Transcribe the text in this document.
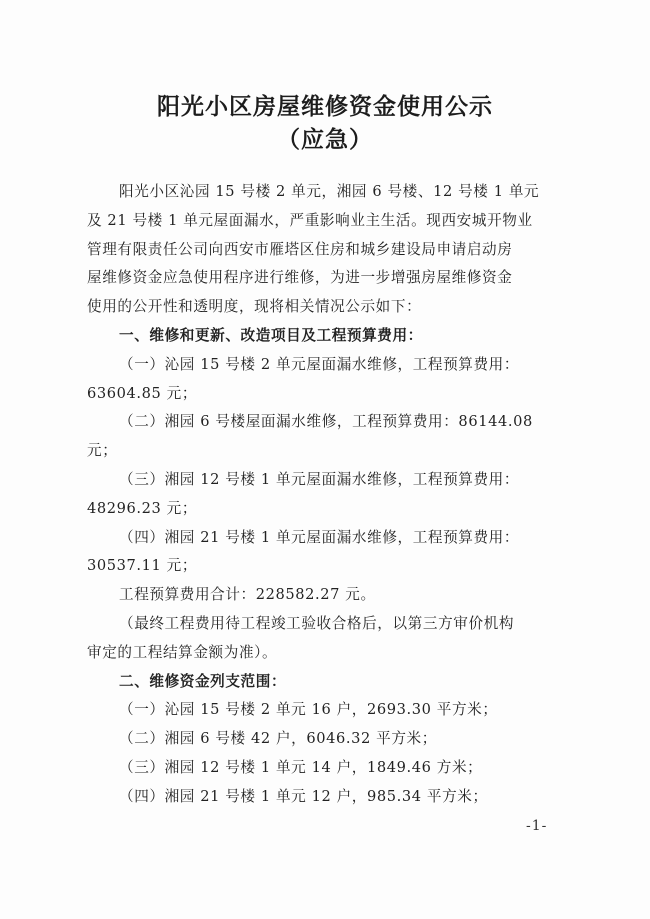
阳光小区房屋维修资金使用公示
（应急）
阳光小区沁园 15 号楼 2 单元，湘园 6 号楼、12 号楼 1 单元
及 21 号楼 1 单元屋面漏水，严重影响业主生活。现西安城开物业
管理有限责任公司向西安市雁塔区住房和城乡建设局申请启动房
屋维修资金应急使用程序进行维修，为进一步增强房屋维修资金
使用的公开性和透明度，现将相关情况公示如下：
一、维修和更新、改造项目及工程预算费用：
（一）沁园 15 号楼 2 单元屋面漏水维修，工程预算费用：
63604.85 元；
（二）湘园 6 号楼屋面漏水维修，工程预算费用：86144.08
元；
（三）湘园 12 号楼 1 单元屋面漏水维修，工程预算费用：
48296.23 元；
（四）湘园 21 号楼 1 单元屋面漏水维修，工程预算费用：
30537.11 元；
工程预算费用合计：228582.27 元。
（最终工程费用待工程竣工验收合格后，以第三方审价机构
审定的工程结算金额为准）。
二、维修资金列支范围：
（一）沁园 15 号楼 2 单元 16 户，2693.30 平方米；
（二）湘园 6 号楼 42 户，6046.32 平方米；
（三）湘园 12 号楼 1 单元 14 户，1849.46 方米；
（四）湘园 21 号楼 1 单元 12 户，985.34 平方米；
-1-
